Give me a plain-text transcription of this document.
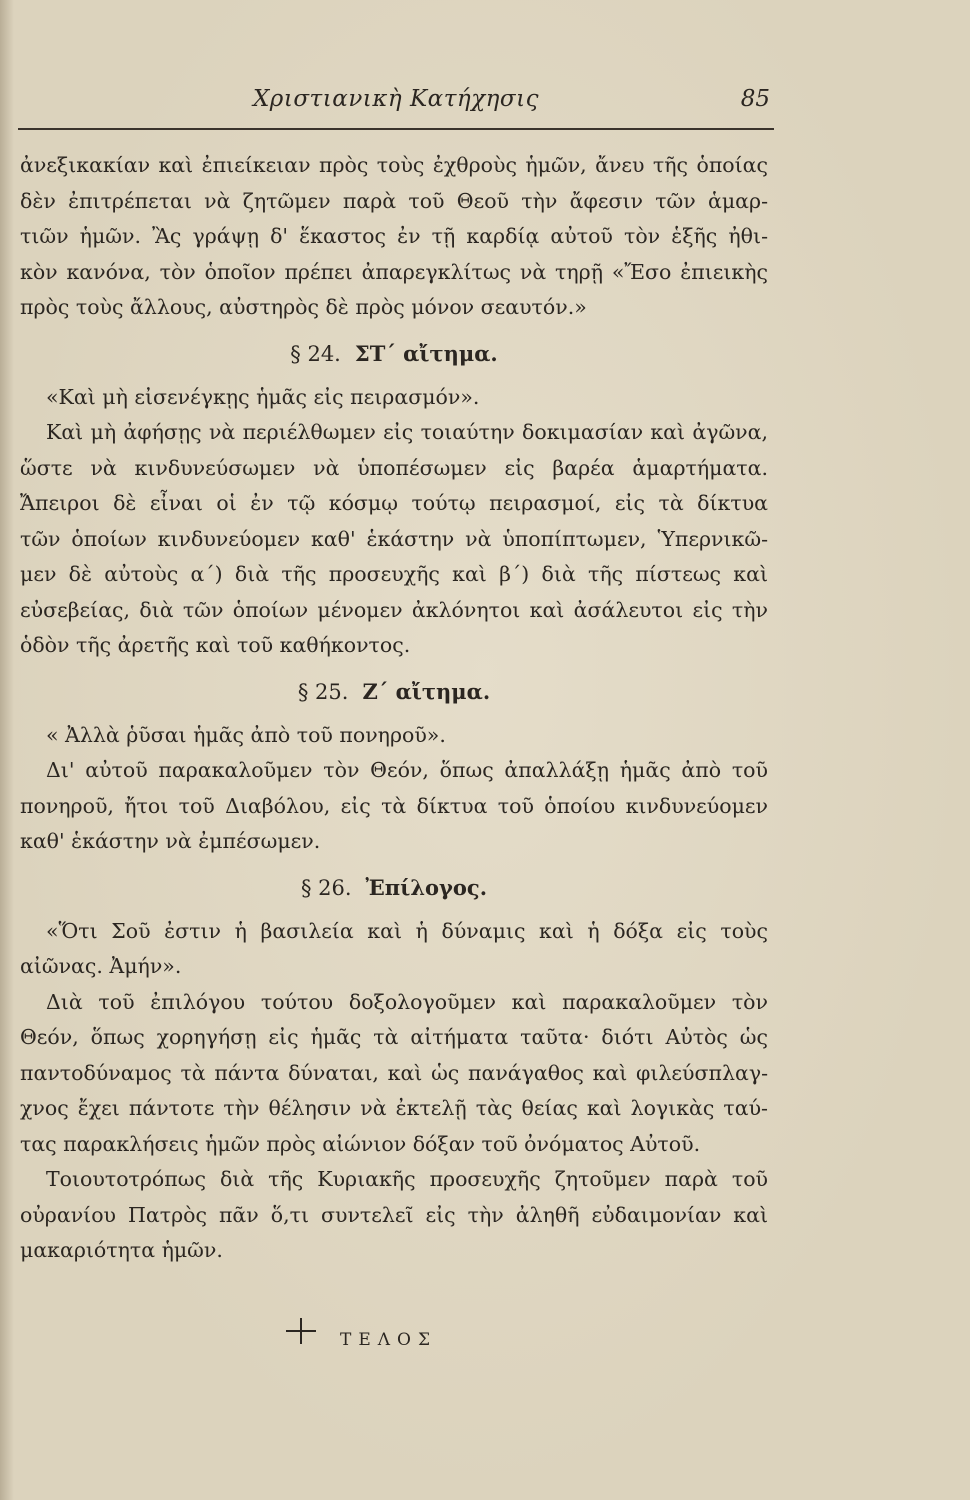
Χριστιανικὴ Κατήχησις	85
ἀνεξικακίαν καὶ ἐπιείκειαν πρὸς τοὺς ἐχθροὺς ἡμῶν, ἄνευ τῆς ὁποίας
δὲν ἐπιτρέπεται νὰ ζητῶμεν παρὰ τοῦ Θεοῦ τὴν ἄφεσιν τῶν ἁμαρ-
τιῶν ἡμῶν. Ἂς γράψῃ δ' ἕκαστος ἐν τῇ καρδίᾳ αὐτοῦ τὸν ἑξῆς ἠθι-
κὸν κανόνα, τὸν ὁποῖον πρέπει ἀπαρεγκλίτως νὰ τηρῇ «Ἔσο ἐπιεικὴς
πρὸς τοὺς ἄλλους, αὐστηρὸς δὲ πρὸς μόνον σεαυτόν.»
§ 24. ΣΤ΄ αἴτημα.
«Καὶ μὴ εἰσενέγκῃς ἡμᾶς εἰς πειρασμόν».
Καὶ μὴ ἀφήσῃς νὰ περιέλθωμεν εἰς τοιαύτην δοκιμασίαν καὶ ἀγῶνα,
ὥστε νὰ κινδυνεύσωμεν νὰ ὑποπέσωμεν εἰς βαρέα ἁμαρτήματα.
Ἄπειροι δὲ εἶναι οἱ ἐν τῷ κόσμῳ τούτῳ πειρασμοί, εἰς τὰ δίκτυα
τῶν ὁποίων κινδυνεύομεν καθ' ἑκάστην νὰ ὑποπίπτωμεν, Ὑπερνικῶ-
μεν δὲ αὐτοὺς α΄) διὰ τῆς προσευχῆς καὶ β΄) διὰ τῆς πίστεως καὶ
εὐσεβείας, διὰ τῶν ὁποίων μένομεν ἀκλόνητοι καὶ ἀσάλευτοι εἰς τὴν
ὁδὸν τῆς ἀρετῆς καὶ τοῦ καθήκοντος.
§ 25. Ζ΄ αἴτημα.
« Ἀλλὰ ῥῦσαι ἡμᾶς ἀπὸ τοῦ πονηροῦ».
Δι' αὐτοῦ παρακαλοῦμεν τὸν Θεόν, ὅπως ἀπαλλάξῃ ἡμᾶς ἀπὸ τοῦ
πονηροῦ, ἤτοι τοῦ Διαβόλου, εἰς τὰ δίκτυα τοῦ ὁποίου κινδυνεύομεν
καθ' ἑκάστην νὰ ἐμπέσωμεν.
§ 26. Ἐπίλογος.
«Ὅτι Σοῦ ἐστιν ἡ βασιλεία καὶ ἡ δύναμις καὶ ἡ δόξα εἰς τοὺς
αἰῶνας. Ἀμήν».
Διὰ τοῦ ἐπιλόγου τούτου δοξολογοῦμεν καὶ παρακαλοῦμεν τὸν
Θεόν, ὅπως χορηγήσῃ εἰς ἡμᾶς τὰ αἰτήματα ταῦτα· διότι Αὐτὸς ὡς
παντοδύναμος τὰ πάντα δύναται, καὶ ὡς πανάγαθος καὶ φιλεύσπλαγ-
χνος ἔχει πάντοτε τὴν θέλησιν νὰ ἐκτελῇ τὰς θείας καὶ λογικὰς ταύ-
τας παρακλήσεις ἡμῶν πρὸς αἰώνιον δόξαν τοῦ ὀνόματος Αὐτοῦ.
Τοιουτοτρόπως διὰ τῆς Κυριακῆς προσευχῆς ζητοῦμεν παρὰ τοῦ
οὐρανίου Πατρὸς πᾶν ὅ,τι συντελεῖ εἰς τὴν ἀληθῆ εὐδαιμονίαν καὶ
μακαριότητα ἡμῶν.
ΤΕΛΟΣ
